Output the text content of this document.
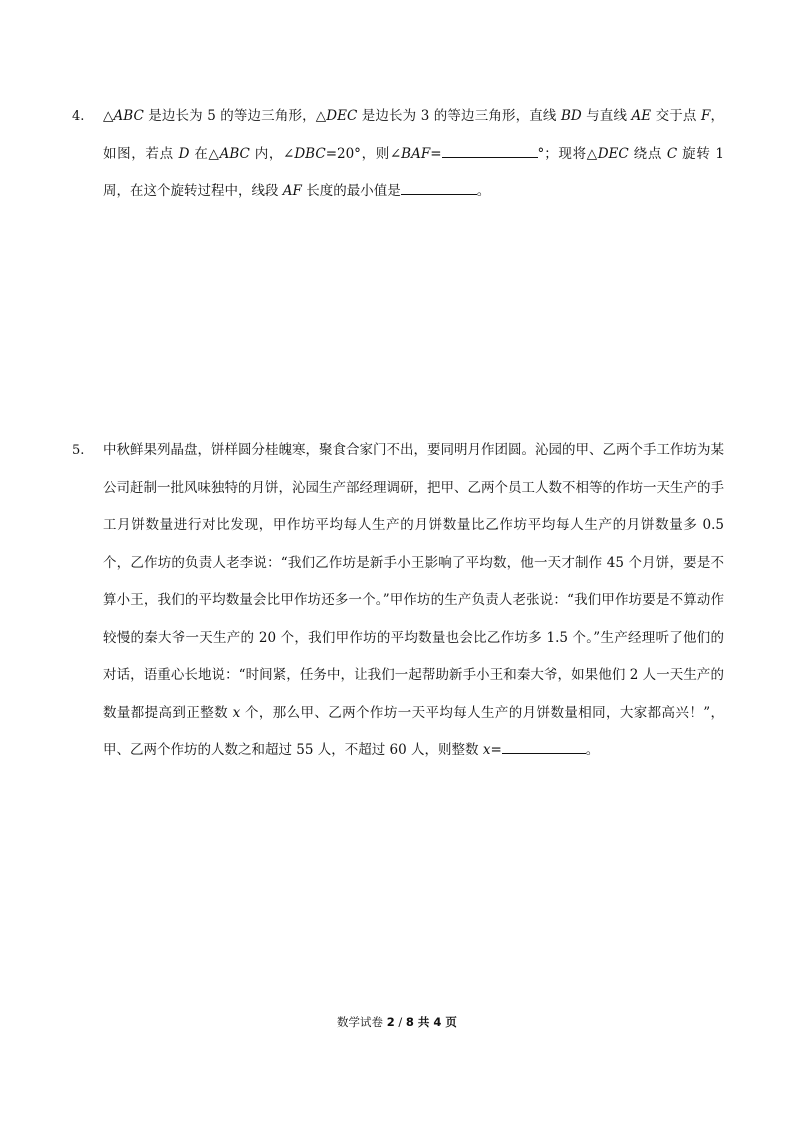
4. △ABC 是边长为 5 的等边三角形，△DEC 是边长为 3 的等边三角形，直线 BD 与直线 AE 交于点 F，如图，若点 D 在△ABC 内，∠DBC=20°，则∠BAF=	°；现将△DEC 绕点 C 旋转 1 周，在这个旋转过程中，线段 AF 长度的最小值是	。
5. 中秋鲜果列晶盘，饼样圆分桂魄寒，聚食合家门不出，要同明月作团圆。沁园的甲、乙两个手工作坊为某公司赶制一批风味独特的月饼，沁园生产部经理调研，把甲、乙两个员工人数不相等的作坊一天生产的手工月饼数量进行对比发现，甲作坊平均每人生产的月饼数量比乙作坊平均每人生产的月饼数量多 0.5 个，乙作坊的负责人老李说：“我们乙作坊是新手小王影响了平均数，他一天才制作 45 个月饼，要是不算小王，我们的平均数量会比甲作坊还多一个。”甲作坊的生产负责人老张说：“我们甲作坊要是不算动作较慢的秦大爷一天生产的 20 个，我们甲作坊的平均数量也会比乙作坊多 1.5 个。”生产经理听了他们的对话，语重心长地说：“时间紧，任务中，让我们一起帮助新手小王和秦大爷，如果他们 2 人一天生产的数量都提高到正整数 x 个，那么甲、乙两个作坊一天平均每人生产的月饼数量相同，大家都高兴！”，甲、乙两个作坊的人数之和超过 55 人，不超过 60 人，则整数 x=	。
数学试卷 2 / 8 共 4 页
